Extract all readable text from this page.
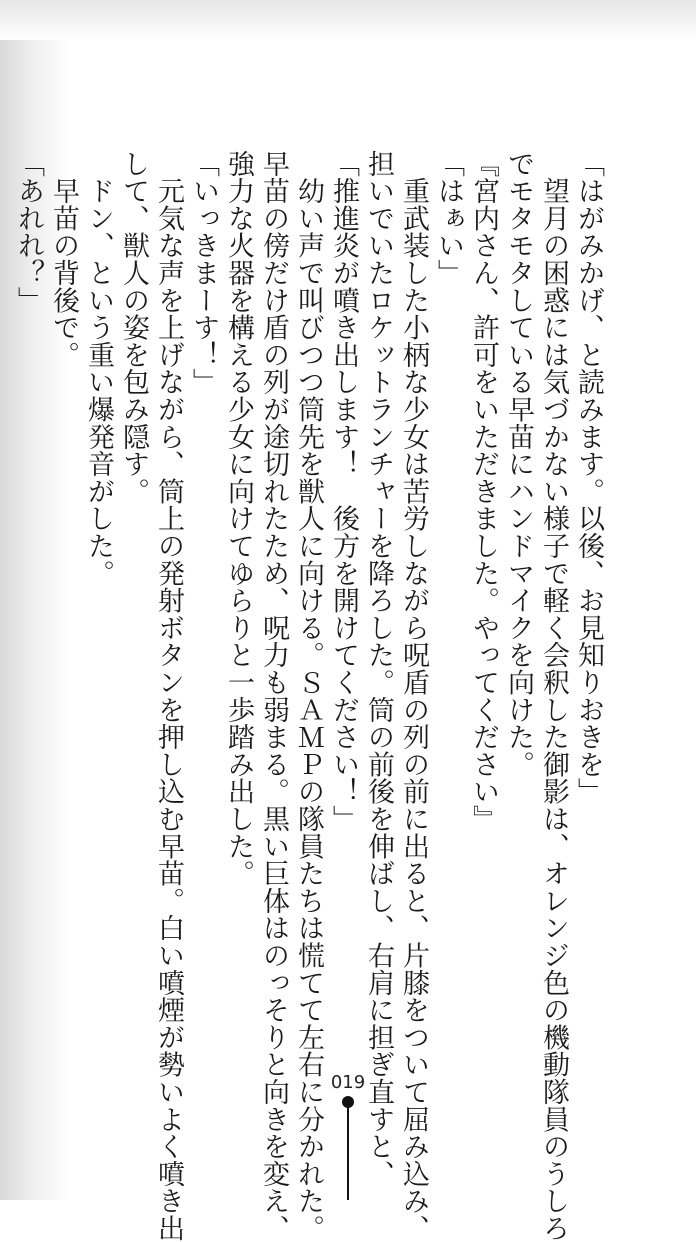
「はがみかげ、と読みます。以後、お見知りおきを」
　望月の困惑には気づかない様子で軽く会釈した御影は、オレンジ色の機動隊員のうしろ
でモタモタしている早苗にハンドマイクを向けた。
『宮内さん、許可をいただきました。やってください』
「はぁい」
　重武装した小柄な少女は苦労しながら呪盾の列の前に出ると、片膝をついて屈み込み、
担いでいたロケットランチャーを降ろした。筒の前後を伸ばし、右肩に担ぎ直すと、
「推進炎が噴き出します！　後方を開けてください！」
　幼い声で叫びつつ筒先を獣人に向ける。ＳＡＭＰの隊員たちは慌てて左右に分かれた。
早苗の傍だけ盾の列が途切れたため、呪力も弱まる。黒い巨体はのっそりと向きを変え、
強力な火器を構える少女に向けてゆらりと一歩踏み出した。
「いっきまーす！」
　元気な声を上げながら、筒上の発射ボタンを押し込む早苗。白い噴煙が勢いよく噴き出
して、獣人の姿を包み隠す。
　ドン、という重い爆発音がした。
　早苗の背後で。
「あれれ？」
019
